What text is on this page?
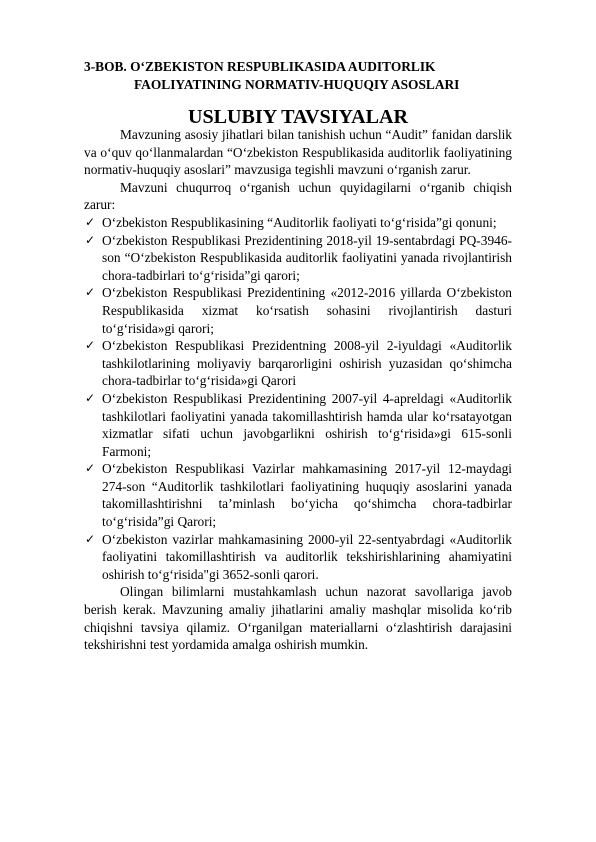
3-BOB. O‘ZBEKISTON RESPUBLIKASIDA AUDITORLIK
FAOLIYATINING NORMATIV-HUQUQIY ASOSLARI
USLUBIY TAVSIYALAR

Mavzuning asosiy jihatlari bilan tanishish uchun “Audit” fanidan darslik va o‘quv qo‘llanmalardan “O‘zbekiston Respublikasida auditorlik faoliyatining normativ-huquqiy asoslari” mavzusiga tegishli mavzuni o‘rganish zarur.

Mavzuni chuqurroq o‘rganish uchun quyidagilarni o‘rganib chiqish zarur:

✓ O‘zbekiston Respublikasining “Auditorlik faoliyati to‘g‘risida”gi qonuni;
✓ O‘zbekiston Respublikasi Prezidentining 2018-yil 19-sentabrdagi PQ-3946-son “O‘zbekiston Respublikasida auditorlik faoliyatini yanada rivojlantirish chora-tadbirlari to‘g‘risida”gi qarori;
✓ O‘zbekiston Respublikasi Prezidentining «2012-2016 yillarda O‘zbekiston Respublikasida xizmat ko‘rsatish sohasini rivojlantirish dasturi to‘g‘risida»gi qarori;
✓ O‘zbekiston Respublikasi Prezidentning 2008-yil 2-iyuldagi «Auditorlik tashkilotlarining moliyaviy barqarorligini oshirish yuzasidan qo‘shimcha chora-tadbirlar to‘g‘risida»gi Qarori
✓ O‘zbekiston Respublikasi Prezidentining 2007-yil 4-apreldagi «Auditorlik tashkilotlari faoliyatini yanada takomillashtirish hamda ular ko‘rsatayotgan xizmatlar sifati uchun javobgarlikni oshirish to‘g‘risida»gi 615-sonli Farmoni;
✓ O‘zbekiston Respublikasi Vazirlar mahkamasining 2017-yil 12-maydagi 274-son “Auditorlik tashkilotlari faoliyatining huquqiy asoslarini yanada takomillashtirishni ta’minlash bo‘yicha qo‘shimcha chora-tadbirlar to‘g‘risida”gi Qarori;
✓ O‘zbekiston vazirlar mahkamasining 2000-yil 22-sentyabrdagi «Auditorlik faoliyatini takomillashtirish va auditorlik tekshirishlarining ahamiyatini oshirish to‘g‘risida"gi 3652-sonli qarori.

Olingan bilimlarni mustahkamlash uchun nazorat savollariga javob berish kerak. Mavzuning amaliy jihatlarini amaliy mashqlar misolida ko‘rib chiqishni tavsiya qilamiz. O‘rganilgan materiallarni o‘zlashtirish darajasini tekshirishni test yordamida amalga oshirish mumkin.
